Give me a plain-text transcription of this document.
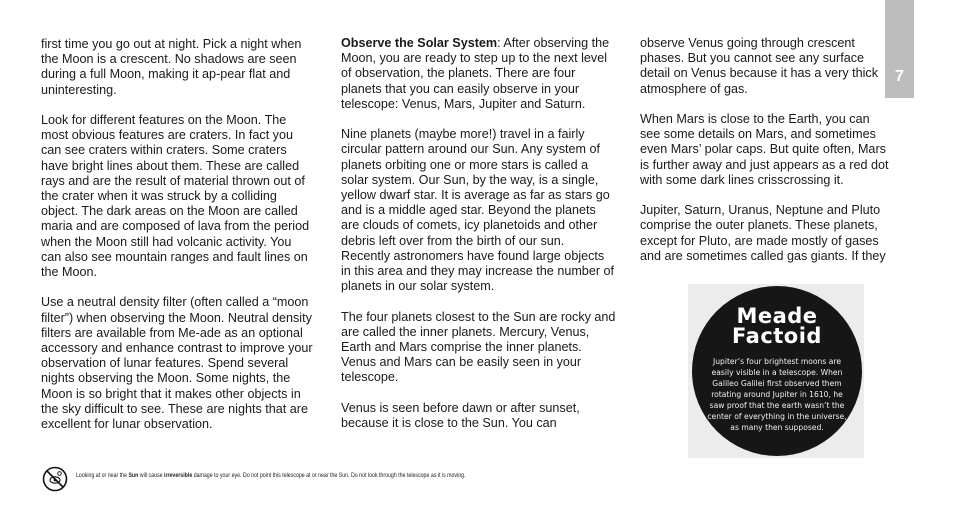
first time you go out at night. Pick a night when the Moon is a crescent. No shadows are seen during a full Moon, making it ap-pear flat and uninteresting.

Look for different features on the Moon. The most obvious features are craters. In fact you can see craters within craters. Some craters have bright lines about them. These are called rays and are the result of material thrown out of the crater when it was struck by a colliding object. The dark areas on the Moon are called maria and are composed of lava from the period when the Moon still had volcanic activity. You can also see mountain ranges and fault lines on the Moon.

Use a neutral density filter (often called a “moon filter”) when observing the Moon. Neutral density filters are available from Me-ade as an optional accessory and enhance contrast to improve your observation of lunar features. Spend several nights observing the Moon. Some nights, the Moon is so bright that it makes other objects in the sky difficult to see. These are nights that are excellent for lunar observation.

Observe the Solar System: After observing the Moon, you are ready to step up to the next level of observation, the planets. There are four planets that you can easily observe in your telescope: Venus, Mars, Jupiter and Saturn.

Nine planets (maybe more!) travel in a fairly circular pattern around our Sun. Any system of planets orbiting one or more stars is called a solar system. Our Sun, by the way, is a single, yellow dwarf star. It is average as far as stars go and is a middle aged star. Beyond the planets are clouds of comets, icy planetoids and other debris left over from the birth of our sun. Recently astronomers have found large objects in this area and they may increase the number of planets in our solar system.

The four planets closest to the Sun are rocky and are called the inner planets. Mercury, Venus, Earth and Mars comprise the inner planets. Venus and Mars can be easily seen in your telescope.

Venus is seen before dawn or after sunset, because it is close to the Sun. You can

observe Venus going through crescent phases. But you cannot see any surface detail on Venus because it has a very thick atmosphere of gas.

When Mars is close to the Earth, you can see some details on Mars, and sometimes even Mars’ polar caps. But quite often, Mars is further away and just appears as a red dot with some dark lines crisscrossing it.

Jupiter, Saturn, Uranus, Neptune and Pluto comprise the outer planets. These planets, except for Pluto, are made mostly of gases and are sometimes called gas giants. If they

7
Meade
Factoid
Jupiter’s four brightest moons are easily visible in a telescope. When Galileo Galilei first observed them rotating around Jupiter in 1610, he saw proof that the earth wasn’t the center of everything in the universe, as many then supposed.
Looking at or near the Sun will cause irreversible damage to your eye. Do not point this telescope at or near the Sun. Do not look through the telescope as it is moving.
